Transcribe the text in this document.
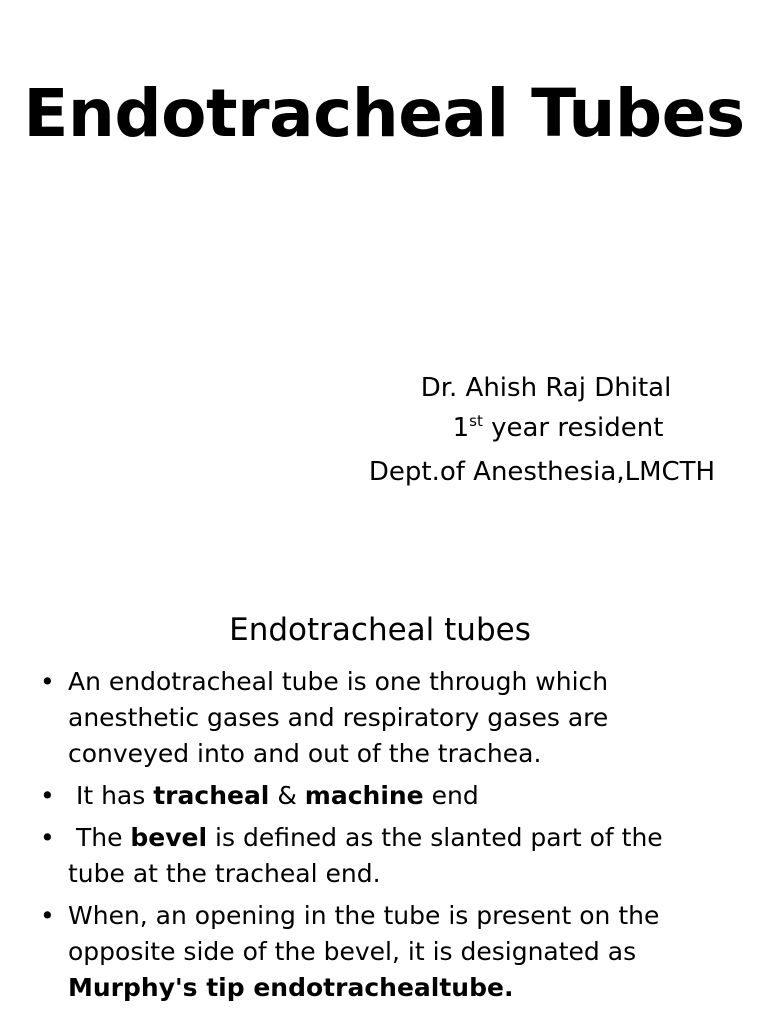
Endotracheal Tubes
Dr. Ahish Raj Dhital
1st year resident
Dept.of Anesthesia,LMCTH
Endotracheal tubes
• An endotracheal tube is one through which anesthetic gases and respiratory gases are conveyed into and out of the trachea.
• It has tracheal & machine end
• The bevel is defined as the slanted part of the tube at the tracheal end.
• When, an opening in the tube is present on the opposite side of the bevel, it is designated as Murphy's tip endotrachealtube.
